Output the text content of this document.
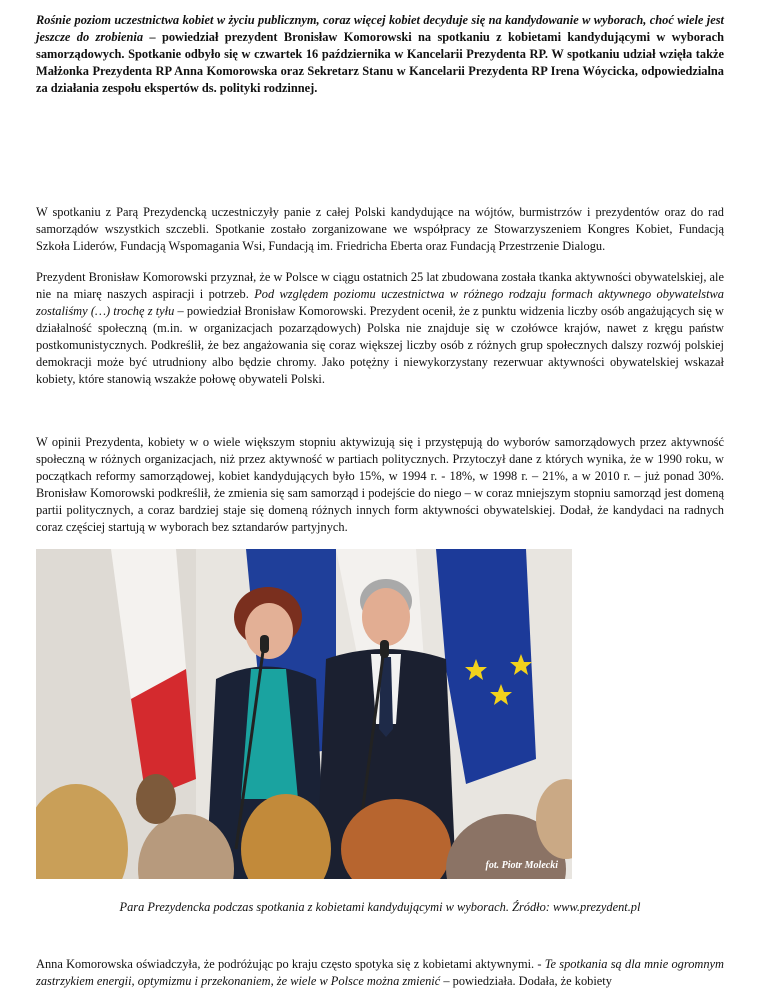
Rośnie poziom uczestnictwa kobiet w życiu publicznym, coraz więcej kobiet decyduje się na kandydowanie w wyborach, choć wiele jest jeszcze do zrobienia – powiedział prezydent Bronisław Komorowski na spotkaniu z kobietami kandydującymi w wyborach samorządowych. Spotkanie odbyło się w czwartek 16 października w Kancelarii Prezydenta RP. W spotkaniu udział wzięła także Małżonka Prezydenta RP Anna Komorowska oraz Sekretarz Stanu w Kancelarii Prezydenta RP Irena Wóycicka, odpowiedzialna za działania zespołu ekspertów ds. polityki rodzinnej.

W spotkaniu z Parą Prezydencką uczestniczyły panie z całej Polski kandydujące na wójtów, burmistrzów i prezydentów oraz do rad samorządów wszystkich szczebli. Spotkanie zostało zorganizowane we współpracy ze Stowarzyszeniem Kongres Kobiet, Fundacją Szkoła Liderów, Fundacją Wspomagania Wsi, Fundacją im. Friedricha Eberta oraz Fundacją Przestrzenie Dialogu.

Prezydent Bronisław Komorowski przyznał, że w Polsce w ciągu ostatnich 25 lat zbudowana została tkanka aktywności obywatelskiej, ale nie na miarę naszych aspiracji i potrzeb. Pod względem poziomu uczestnictwa w różnego rodzaju formach aktywnego obywatelstwa zostaliśmy (…) trochę z tyłu – powiedział Bronisław Komorowski. Prezydent ocenił, że z punktu widzenia liczby osób angażujących się w działalność społeczną (m.in. w organizacjach pozarządowych) Polska nie znajduje się w czołówce krajów, nawet z kręgu państw postkomunistycznych. Podkreślił, że bez angażowania się coraz większej liczby osób z różnych grup społecznych dalszy rozwój polskiej demokracji może być utrudniony albo będzie chromy. Jako potężny i niewykorzystany rezerwuar aktywności obywatelskiej wskazał kobiety, które stanowią wszakże połowę obywateli Polski.

W opinii Prezydenta, kobiety w o wiele większym stopniu aktywizują się i przystępują do wyborów samorządowych przez aktywność społeczną w różnych organizacjach, niż przez aktywność w partiach politycznych. Przytoczył dane z których wynika, że w 1990 roku, w początkach reformy samorządowej, kobiet kandydujących było 15%, w 1994 r. - 18%, w 1998 r. – 21%, a w 2010 r. – już ponad 30%. Bronisław Komorowski podkreślił, że zmienia się sam samorząd i podejście do niego – w coraz mniejszym stopniu samorząd jest domeną partii politycznych, a coraz bardziej staje się domeną różnych innych form aktywności obywatelskiej. Dodał, że kandydaci na radnych coraz częściej startują w wyborach bez sztandarów partyjnych.

fot. Piotr Molecki

Para Prezydencka podczas spotkania z kobietami kandydującymi w wyborach. Źródło: www.prezydent.pl

Anna Komorowska oświadczyła, że podróżując po kraju często spotyka się z kobietami aktywnymi. - Te spotkania są dla mnie ogromnym zastrzykiem energii, optymizmu i przekonaniem, że wiele w Polsce można zmienić – powiedziała. Dodała, że kobiety
